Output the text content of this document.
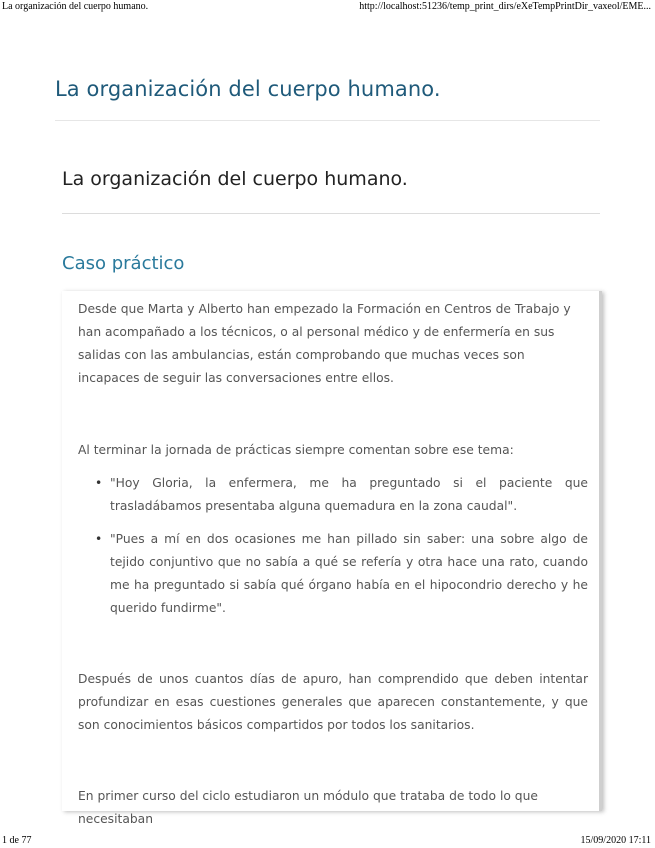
La organización del cuerpo humano.	http://localhost:51236/temp_print_dirs/eXeTempPrintDir_vaxeol/EME...
La organización del cuerpo humano.
La organización del cuerpo humano.
Caso práctico

Desde que Marta y Alberto han empezado la Formación en Centros de Trabajo y han acompañado a los técnicos, o al personal médico y de enfermería en sus salidas con las ambulancias, están comprobando que muchas veces son incapaces de seguir las conversaciones entre ellos.

Al terminar la jornada de prácticas siempre comentan sobre ese tema:

• "Hoy Gloria, la enfermera, me ha preguntado si el paciente que trasladábamos presentaba alguna quemadura en la zona caudal".
• "Pues a mí en dos ocasiones me han pillado sin saber: una sobre algo de tejido conjuntivo que no sabía a qué se refería y otra hace una rato, cuando me ha preguntado si sabía qué órgano había en el hipocondrio derecho y he querido fundirme".

Después de unos cuantos días de apuro, han comprendido que deben intentar profundizar en esas cuestiones generales que aparecen constantemente, y que son conocimientos básicos compartidos por todos los sanitarios.

En primer curso del ciclo estudiaron un módulo que trataba de todo lo que necesitaban

1 de 77	15/09/2020 17:11
